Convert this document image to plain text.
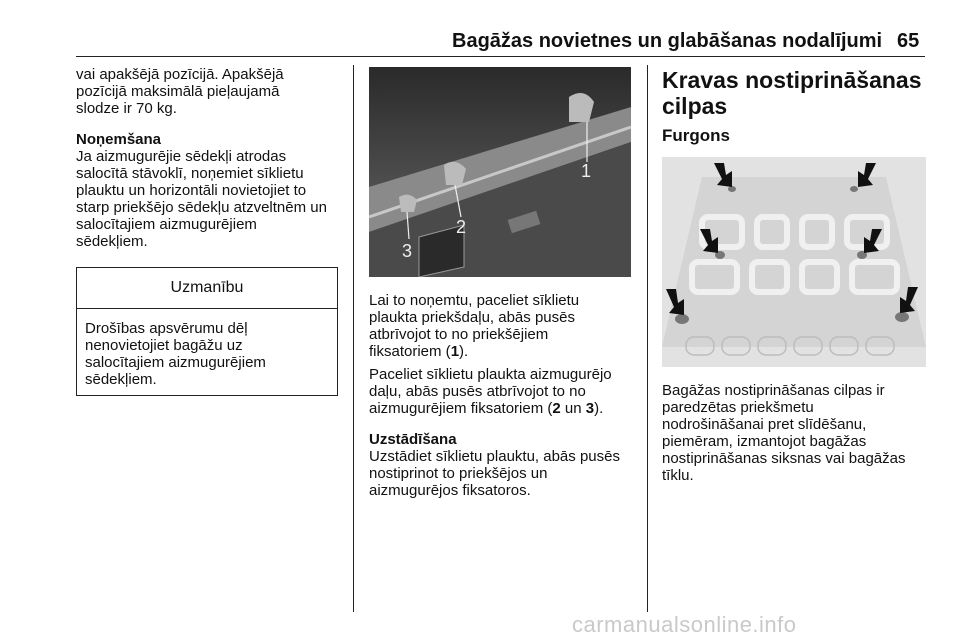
Bagāžas novietnes un glabāšanas nodalījumi 65

vai apakšējā pozīcijā. Apakšējā

pozīcijā maksimālā pieļaujamā

slodze ir 70 kg.

Noņemšana

Ja aizmugurējie sēdekļi atrodas

salocītā stāvoklī, noņemiet sīklietu

plauktu un horizontāli novietojiet to

starp priekšējo sēdekļu atzveltnēm un

salocītajiem aizmugurējiem

sēdekļiem.

Uzmanību
Drošības apsvērumu dēļ
nenovietojiet bagāžu uz
salocītajiem aizmugurējiem
sēdekļiem.
1
2
3

Lai to noņemtu, paceliet sīklietu

plaukta priekšdaļu, abās pusēs

atbrīvojot to no priekšējiem

fiksatoriem (1).

Paceliet sīklietu plaukta aizmugurējo

daļu, abās pusēs atbrīvojot to no

aizmugurējiem fiksatoriem (2 un 3).

Uzstādīšana

Uzstādiet sīklietu plauktu, abās pusēs

nostiprinot to priekšējos un

aizmugurējos fiksatoros.

Kravas nostiprināšanas
cilpas
Furgons

Bagāžas nostiprināšanas cilpas ir

paredzētas priekšmetu

nodrošināšanai pret slīdēšanu,

piemēram, izmantojot bagāžas

nostiprināšanas siksnas vai bagāžas

tīklu.

carmanualsonline.info
